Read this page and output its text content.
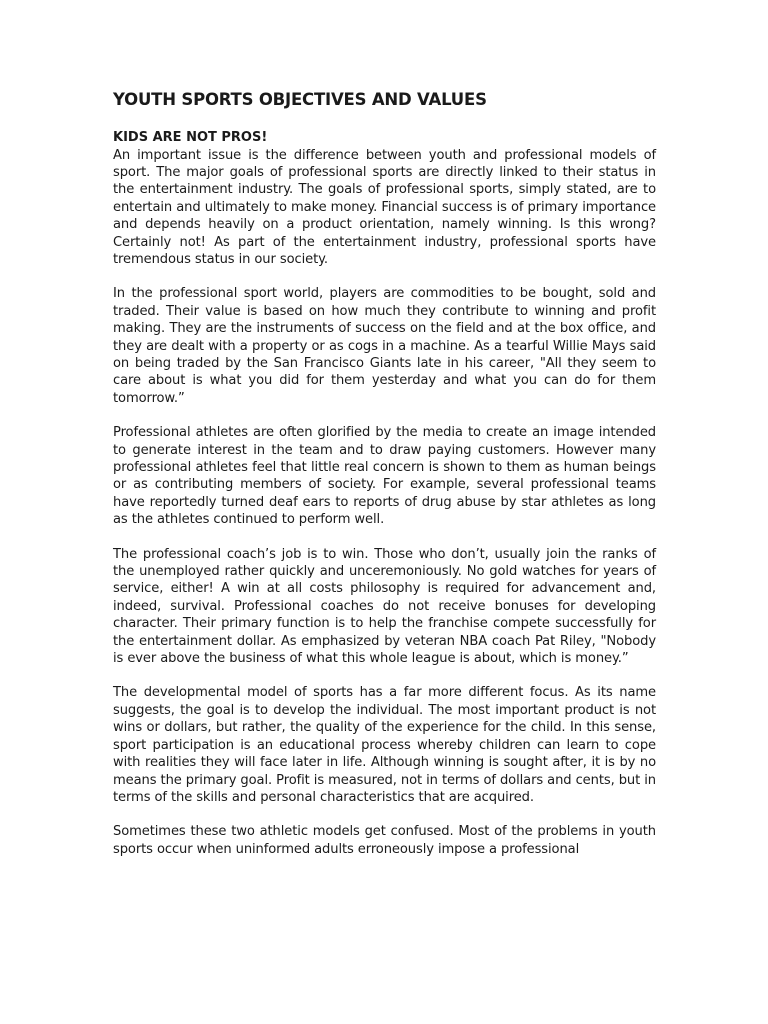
YOUTH SPORTS OBJECTIVES AND VALUES
KIDS ARE NOT PROS!

An important issue is the difference between youth and professional models of sport. The major goals of professional sports are directly linked to their status in the entertainment industry. The goals of professional sports, simply stated, are to entertain and ultimately to make money. Financial success is of primary importance and depends heavily on a product orientation, namely winning. Is this wrong? Certainly not! As part of the entertainment industry, professional sports have tremendous status in our society.

In the professional sport world, players are commodities to be bought, sold and traded. Their value is based on how much they contribute to winning and profit making. They are the instruments of success on the field and at the box office, and they are dealt with a property or as cogs in a machine. As a tearful Willie Mays said on being traded by the San Francisco Giants late in his career, "All they seem to care about is what you did for them yesterday and what you can do for them tomorrow.”

Professional athletes are often glorified by the media to create an image intended to generate interest in the team and to draw paying customers. However many professional athletes feel that little real concern is shown to them as human beings or as contributing members of society. For example, several professional teams have reportedly turned deaf ears to reports of drug abuse by star athletes as long as the athletes continued to perform well.

The professional coach’s job is to win. Those who don’t, usually join the ranks of the unemployed rather quickly and unceremoniously. No gold watches for years of service, either! A win at all costs philosophy is required for advancement and, indeed, survival. Professional coaches do not receive bonuses for developing character. Their primary function is to help the franchise compete successfully for the entertainment dollar. As emphasized by veteran NBA coach Pat Riley, "Nobody is ever above the business of what this whole league is about, which is money.”

The developmental model of sports has a far more different focus. As its name suggests, the goal is to develop the individual. The most important product is not wins or dollars, but rather, the quality of the experience for the child. In this sense, sport participation is an educational process whereby children can learn to cope with realities they will face later in life. Although winning is sought after, it is by no means the primary goal. Profit is measured, not in terms of dollars and cents, but in terms of the skills and personal characteristics that are acquired.

Sometimes these two athletic models get confused. Most of the problems in youth sports occur when uninformed adults erroneously impose a professional
